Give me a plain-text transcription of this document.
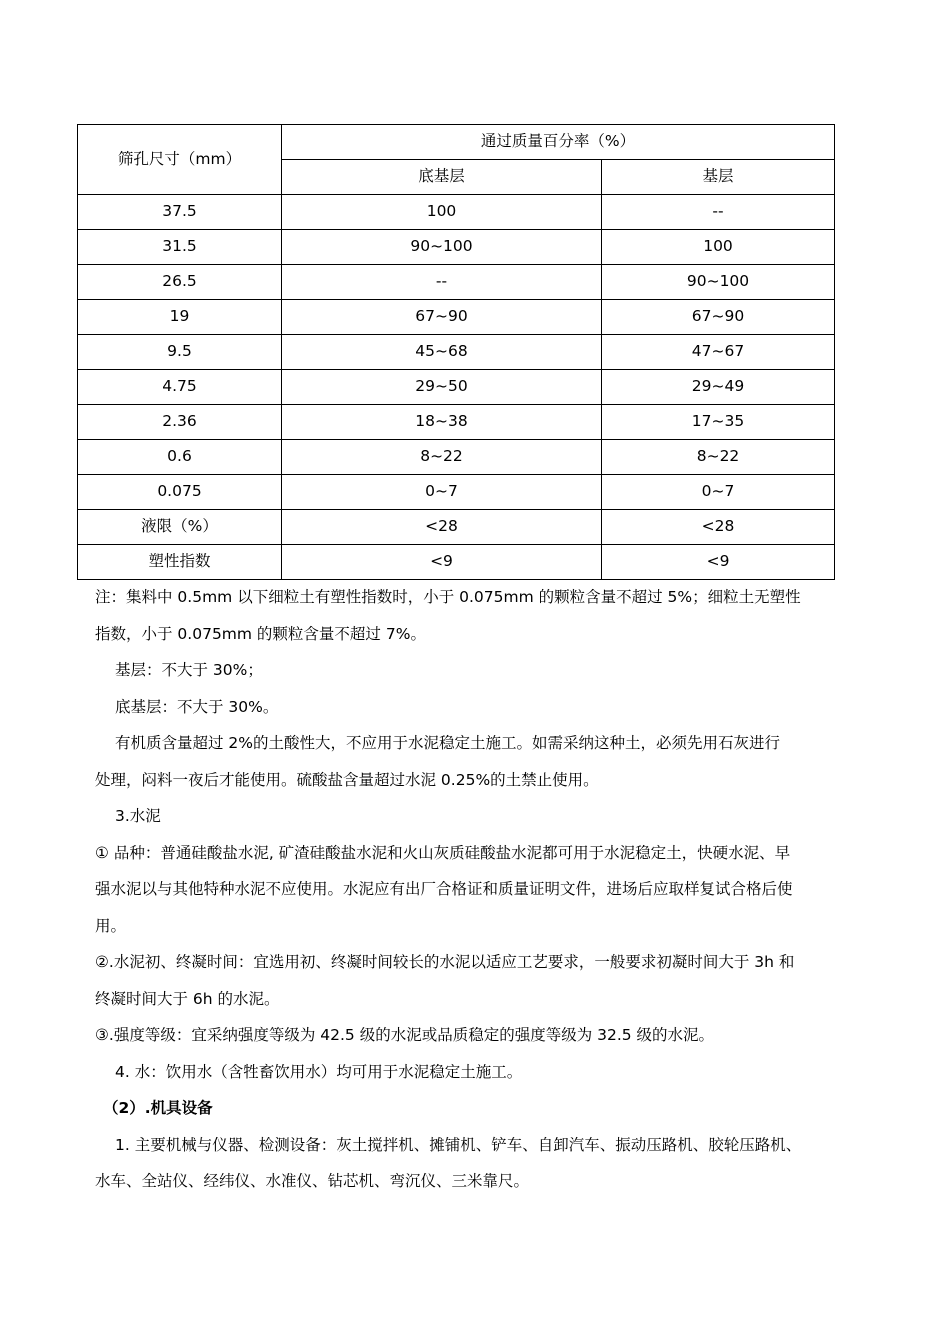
筛孔尺寸（mm）	通过质量百分率（%）	
	底基层	基层
37.5	100	--
31.5	90~100	100
26.5	--	90~100
19	67~90	67~90
9.5	45~68	47~67
4.75	29~50	29~49
2.36	18~38	17~35
0.6	8~22	8~22
0.075	0~7	0~7
液限（%）	<28	<28
塑性指数	<9	<9

注：集料中 0.5mm 以下细粒土有塑性指数时，小于 0.075mm 的颗粒含量不超过 5%；细粒土无塑性

指数，小于 0.075mm 的颗粒含量不超过 7%。

基层：不大于 30%；

底基层：不大于 30%。

有机质含量超过 2%的土酸性大，不应用于水泥稳定土施工。如需采纳这种土，必须先用石灰进行

处理，闷料一夜后才能使用。硫酸盐含量超过水泥 0.25%的土禁止使用。

3.水泥

① 品种：普通硅酸盐水泥, 矿渣硅酸盐水泥和火山灰质硅酸盐水泥都可用于水泥稳定土，快硬水泥、早

强水泥以与其他特种水泥不应使用。水泥应有出厂合格证和质量证明文件，进场后应取样复试合格后使

用。

②.水泥初、终凝时间：宜选用初、终凝时间较长的水泥以适应工艺要求，一般要求初凝时间大于 3h 和

终凝时间大于 6h 的水泥。

③.强度等级：宜采纳强度等级为 42.5 级的水泥或品质稳定的强度等级为 32.5 级的水泥。

4. 水：饮用水（含牲畜饮用水）均可用于水泥稳定土施工。

（2）.机具设备

1. 主要机械与仪器、检测设备：灰土搅拌机、摊铺机、铲车、自卸汽车、振动压路机、胶轮压路机、

水车、全站仪、经纬仪、水准仪、钻芯机、弯沉仪、三米靠尺。
